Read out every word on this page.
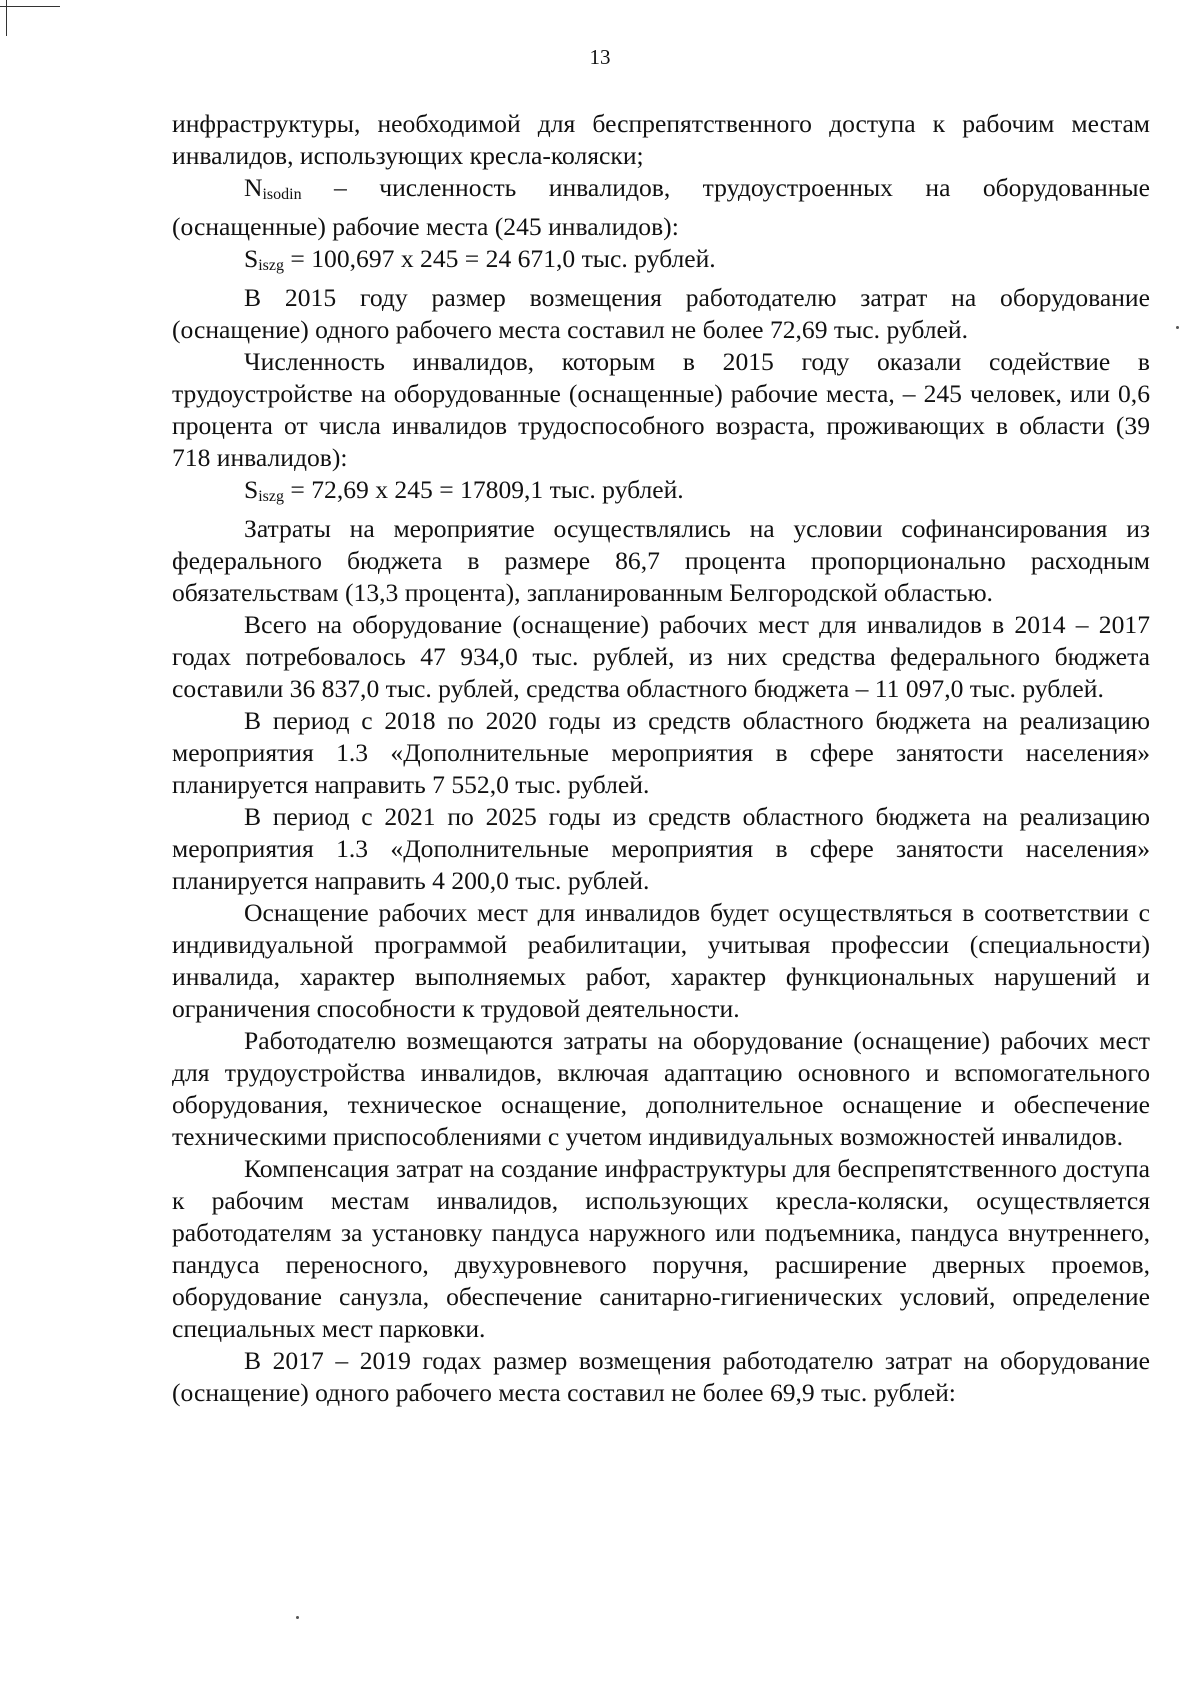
13

инфраструктуры, необходимой для беспрепятственного доступа к рабочим местам инвалидов, использующих кресла-коляски;

Nisodin – численность инвалидов, трудоустроенных на оборудованные (оснащенные) рабочие места (245 инвалидов):

Siszg = 100,697 x 245 = 24 671,0 тыс. рублей.

В 2015 году размер возмещения работодателю затрат на оборудование (оснащение) одного рабочего места составил не более 72,69 тыс. рублей.

Численность инвалидов, которым в 2015 году оказали содействие в трудоустройстве на оборудованные (оснащенные) рабочие места, – 245 человек, или 0,6 процента от числа инвалидов трудоспособного возраста, проживающих в области (39 718 инвалидов):

Siszg = 72,69 x 245 = 17809,1 тыс. рублей.

Затраты на мероприятие осуществлялись на условии софинансирования из федерального бюджета в размере 86,7 процента пропорционально расходным обязательствам (13,3 процента), запланированным Белгородской областью.

Всего на оборудование (оснащение) рабочих мест для инвалидов в 2014 – 2017 годах потребовалось 47 934,0 тыс. рублей, из них средства федерального бюджета составили 36 837,0 тыс. рублей, средства областного бюджета – 11 097,0 тыс. рублей.

В период с 2018 по 2020 годы из средств областного бюджета на реализацию мероприятия 1.3 «Дополнительные мероприятия в сфере занятости населения» планируется направить 7 552,0 тыс. рублей.

В период с 2021 по 2025 годы из средств областного бюджета на реализацию мероприятия 1.3 «Дополнительные мероприятия в сфере занятости населения» планируется направить 4 200,0 тыс. рублей.

Оснащение рабочих мест для инвалидов будет осуществляться в соответствии с индивидуальной программой реабилитации, учитывая профессии (специальности) инвалида, характер выполняемых работ, характер функциональных нарушений и ограничения способности к трудовой деятельности.

Работодателю возмещаются затраты на оборудование (оснащение) рабочих мест для трудоустройства инвалидов, включая адаптацию основного и вспомогательного оборудования, техническое оснащение, дополнительное оснащение и обеспечение техническими приспособлениями с учетом индивидуальных возможностей инвалидов.

Компенсация затрат на создание инфраструктуры для беспрепятственного доступа к рабочим местам инвалидов, использующих кресла-коляски, осуществляется работодателям за установку пандуса наружного или подъемника, пандуса внутреннего, пандуса переносного, двухуровневого поручня, расширение дверных проемов, оборудование санузла, обеспечение санитарно-гигиенических условий, определение специальных мест парковки.

В 2017 – 2019 годах размер возмещения работодателю затрат на оборудование (оснащение) одного рабочего места составил не более 69,9 тыс. рублей:
